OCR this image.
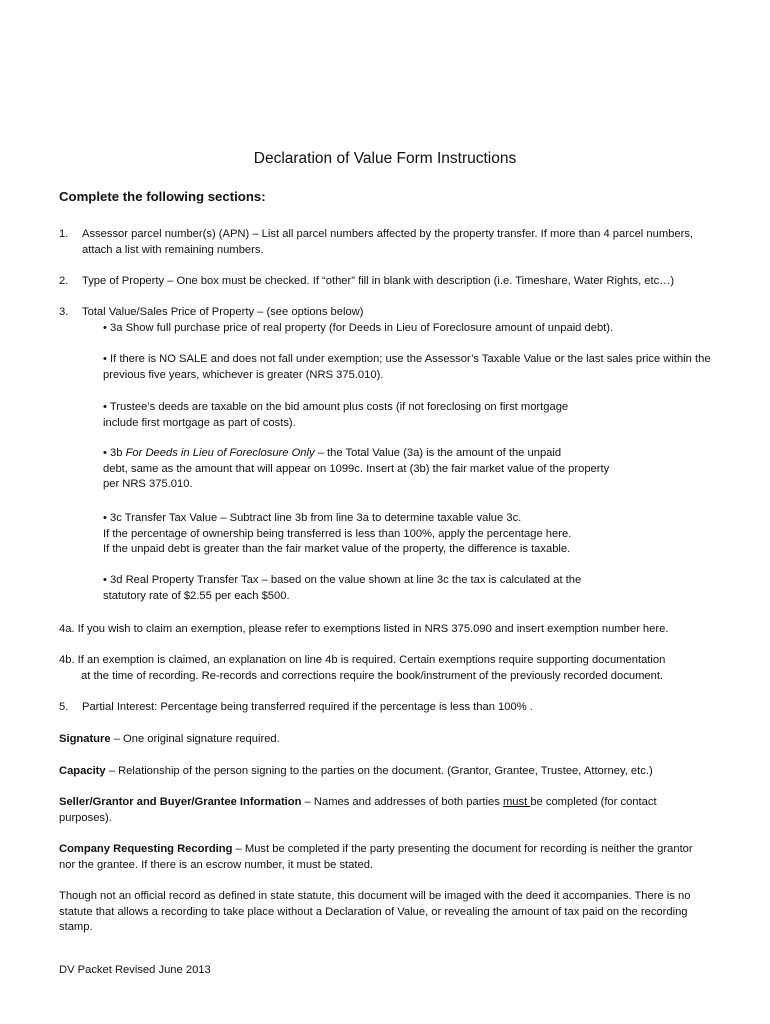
Declaration of Value Form Instructions
Complete the following sections:
1.	Assessor parcel number(s) (APN) – List all parcel numbers affected by the property transfer. If more than 4 parcel numbers, attach a list with remaining numbers.
2.	Type of Property – One box must be checked. If “other” fill in blank with description (i.e. Timeshare, Water Rights, etc…)
3.	Total Value/Sales Price of Property – (see options below)

• 3a Show full purchase price of real property (for Deeds in Lieu of Foreclosure amount of unpaid debt).

• If there is NO SALE and does not fall under exemption; use the Assessor’s Taxable Value or the last sales price within the previous five years, whichever is greater (NRS 375.010).

• Trustee’s deeds are taxable on the bid amount plus costs (if not foreclosing on first mortgage
include first mortgage as part of costs).

• 3b For Deeds in Lieu of Foreclosure Only – the Total Value (3a) is the amount of the unpaid
debt, same as the amount that will appear on 1099c. Insert at (3b) the fair market value of the property
per NRS 375.010.

• 3c Transfer Tax Value – Subtract line 3b from line 3a to determine taxable value 3c.
If the percentage of ownership being transferred is less than 100%, apply the percentage here.
If the unpaid debt is greater than the fair market value of the property, the difference is taxable.

• 3d Real Property Transfer Tax – based on the value shown at line 3c the tax is calculated at the
statutory rate of $2.55 per each $500.

4a. If you wish to claim an exemption, please refer to exemptions listed in NRS 375.090 and insert exemption number here.

4b. If an exemption is claimed, an explanation on line 4b is required. Certain exemptions require supporting documentation
at the time of recording. Re-records and corrections require the book/instrument of the previously recorded document.

5.	Partial Interest: Percentage being transferred required if the percentage is less than 100% .

Signature – One original signature required.

Capacity – Relationship of the person signing to the parties on the document. (Grantor, Grantee, Trustee, Attorney, etc.)

Seller/Grantor and Buyer/Grantee Information – Names and addresses of both parties must be completed (for contact purposes).

Company Requesting Recording – Must be completed if the party presenting the document for recording is neither the grantor nor the grantee. If there is an escrow number, it must be stated.

Though not an official record as defined in state statute, this document will be imaged with the deed it accompanies. There is no statute that allows a recording to take place without a Declaration of Value, or revealing the amount of tax paid on the recording stamp.

DV Packet Revised June 2013
